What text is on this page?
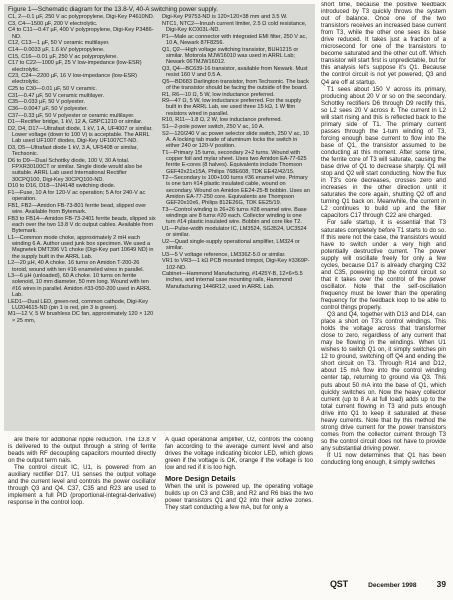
Figure 1—Schematic diagram for the 13.8-V, 40-A switching power supply.
C1, 2—0.1 µF, 250 V ac polypropylene, Digi-Key P4610ND.
C3, C4—1500 µF, 200 V electrolytic.
C4 to C11—0.47 µF, 400 V polypropylene, Digi-Key P3486-ND.
C12, C13—1 µF, 50 V ceramic multilayer.
C14—0.0033 µF, 1.6 kV polypropylene.
C15, C16—0.01 µF, 250 V ac polypropylene.
C17 to C22—1000 µF, 25 V low-impedance (low-ESR) electrolytic.
C23, C24—2200 µF, 16 V low-impedance (low-ESR) electrolytic.
C25 to C30—0.01 µF, 50 V ceramic.
C31—0.47 µF, 50 V ceramic multilayer.
C35—0.033 µF, 50 V polyester.
C36—0.0047 µF, 50 V polyester.
C37—0.33 µF, 50 V polyester or ceramic multilayer.
D1—Rectifier bridge, 1 kV, 12 A, GBPC1210 or similar.
D2, D4, D17—Ultrafast diode, 1 kV, 1 A, UF4007 or similar. Lower voltage (down to 100 V) is acceptable. The ARRL Lab used UF1007 diodes, Digi-Key UF1007CT-ND.
D3, D5—Ultrafast diode 1 kV, 3 A, UF5408 or similar, Techsonic.
D6 to D9—Dual Schottky diode, 100 V, 30 A total. FPXR30100CT or similar. Single diode would also be suitable. ARRL Lab used International Rectifier 30CPQ100, Digi-Key 30CPQ100-ND.
D10 to D16, D18—1N4148 switching diode.
F1—Fuse, 10 A for 120-V ac operation; 5 A for 240-V ac operation.
FB1, FB2—Amidon FB-73-801 ferrite bead, slipped over wire. Available from Bytemark.
FB3 to FB14—Amidon FB-73-2401 ferrite beads, slipped six each over the two 13.8 V dc output cables. Available from Bytemark.
L1—Common mode choke, approximately 2 mH each winding 6 A. Author used junk box specimen. We used a Magnetek DMT396 V1 choke (Digi-Key part 10649 ND) in the supply built in the ARRL Lab.
L2—20 µH, 40 A choke. 16 turns on Amidon T-200-26 toroid, wound with ten #16 enameled wires in parallel.
L3—6 µH (unloaded), 60 A choke. 10 turns on ferrite solenoid, 10 mm diameter, 50 mm long. Wound with ten #16 wires in parallel. Amidon #33-050-200 used in ARRL Lab.
LED1—Dual LED, green-red, common cathode, Digi-Key LU204615-ND (pin 1 is red, pin 3 is green).
M1—12 V, 5 W brushless DC fan, approximately 120 × 120 × 25 mm,
Digi-Key P9753-ND is 120×120×38 mm and 3.5 W.
NTC1, NTC2—Inrush current limiter, 2.5 Ω cold resistance, Digi-Key KC003L-ND.
P1—Male ac connector with integrated EMI filter, 250 V ac, 10 A, Newark 87F8256.
Q1, Q2—High voltage switching transistor, BUH1215 or similar. Motorola MJW16010 was used in ARRL Lab; Newark 06TMJW16012.
Q3, Q4—BC639-16 transistor, available from Newark. Must resist 160 V and 0.5 A.
Q5—BD683 Darlington transistor, from Techsonic. The back of the transistor should be facing the outside of the board.
R1, R6—10 Ω, 5 W, low inductance preferred.
R9—47 Ω, 5 W, low inductance preferred. For the supply built in the ARRL Lab, we used three 15 kΩ, 1 W film resistors wired in parallel.
R10, R11—1.8 Ω, 2 W, low inductance preferred.
S1—2-pole power switch, 250 V ac, 10 A.
S2—120/240 V ac power selector slide switch, 250 V ac, 10 A. A locking tab made of aluminum locks the switch in either 240 or 120-V position.
T1—Primary 15 turns, secondary 2+2 turns. Wound with copper foil and mylar sheet. Uses two Amidon EA-77-625 ferrite E-cores (8 halves). Equivalents include Thomson GEF42x21x15A, Philips 768E608, TDK EE42/42/15.
T2—Secondary is 100+100 turns #36 enamel wire. Primary is one turn #14 plastic insulated cable, wound on secondary. Wound on Amidon EE24-25-B bobbin. Uses an Amidon EA-77-250 core. Equivalents are Thompson GEF20x10x6, Philips 812E26G, TDK EE25/19.
T3—Control winding is 26+26 turns #28 enamel wire. Base windings are 8 turns #20 each. Collector winding is one turn #14 plastic insulated wire. Bobbin and core like T2.
U1—Pulse-width modulator IC, LM3524, SG3524, UC3524 or similar.
U2—Quad single-supply operational amplifier, LM324 or similar.
U3—5 V voltage reference, LM336Z-5.0 or similar.
VR1 to VR3—1 kΩ PCB mounted trimpot, Digi-Key #3369P-102-ND.
Cabinet—Hammond Manufacturing, #1425Y-B, 12×6×5.5 inches, and internal case mounting rails, Hammond Manufacturing 1446R12, used in ARRL Lab.

short time, because the positive feedback introduced by T3 quickly throws the system out of balance. Once one of the two transistors receives an increased base current from T3, while the other one sees its base drive reduced. It takes just a fraction of a microsecond for one of the transistors to become saturated and the other cut off. Which transistor will start first is unpredictable, but for this analysis let's suppose it's Q1. Because the control circuit is not yet powered, Q3 and Q4 are off at startup.

T1 sees about 150 V across its primary, producing about 20 V or so on the secondary. Schottky rectifiers D6 through D9 rectify this, so L2 sees 20 V across it. The current in L2 will start rising and this is reflected back to the primary side of T1. The primary current passes through the 1-turn winding of T3, forcing enough base current to flow into the base of Q1, the transistor assumed to be conducting at this moment. After some time, the ferrite core of T3 will saturate, causing the base drive of Q1 to decrease sharply. Q1 will stop and Q2 will start conducting. Now the flux in T3's core decreases, crosses zero and increases in the other direction until it saturates the core again, shutting Q2 off and turning Q1 back on. Meanwhile, the current in L2 continues to build up and the filter capacitors C17 through C22 are charged.

For safe startup, it is essential that T3 saturates completely before T1 starts to do so. If this were not the case, the transistors would have to switch under a very high and potentially destructive current. The power supply will oscillate freely for only a few cycles, because D17 is already charging C32 and C35, powering up the control circuit so that it takes over the control of the power oscillator. Note that the self-oscillation frequency must be lower than the operating frequency for the feedback loop to be able to control things properly.

Q3 and Q4, together with D13 and D14, can place a short on T3's control windings. This holds the voltage across that transformer close to zero, regardless of any current that may be flowing in the windings. When U1 wishes to switch Q1 on, it simply switches pin 12 to ground, switching off Q4 and ending the short circuit on T3. Through R14 and D12, about 15 mA flow into the control winding center tap, returning to ground via Q3. This puts about 50 mA into the base of Q1, which quickly switches on. Now the heavy collector current (up to 8 A at full load) adds up to the total current flowing in T3 and puts enough drive into Q1 to keep it saturated at these heavy currents. Note that by this method the strong drive current for the power transistors comes from the collector current through T3 so the control circuit does not have to provide any substantial driving power.

If U1 now determines that Q1 has been conducting long enough, it simply switches

are there for additional ripple reduction. The 13.8 V is delivered to the output through a string of ferrite beads with RF decoupling capacitors mounted directly on the output term nals.

The control circuit IC, U1, is powered from an auxiliary rectifier D17. U1 senses the output voltage and the current level and controls the power oscillator through Q3 and Q4. C37, C35 and R23 are used to implement a full PID (proportional-integral-derivative) response in the control loop.

A quad operational amplifier, U2, controls the cooling fan according to the average current level and also drives the voltage indicating bicolor LED, which glows green if the voltage is OK, orange if the voltage is too low and red if it is too high.

More Design Details

When the unit is powered up, the operating voltage builds up on C3 and C3B, and R2 and R6 bias the two power transistors Q1 and Q2 into their active zones. They start conducting a few mA, but for only a

QST	December 1998 39
